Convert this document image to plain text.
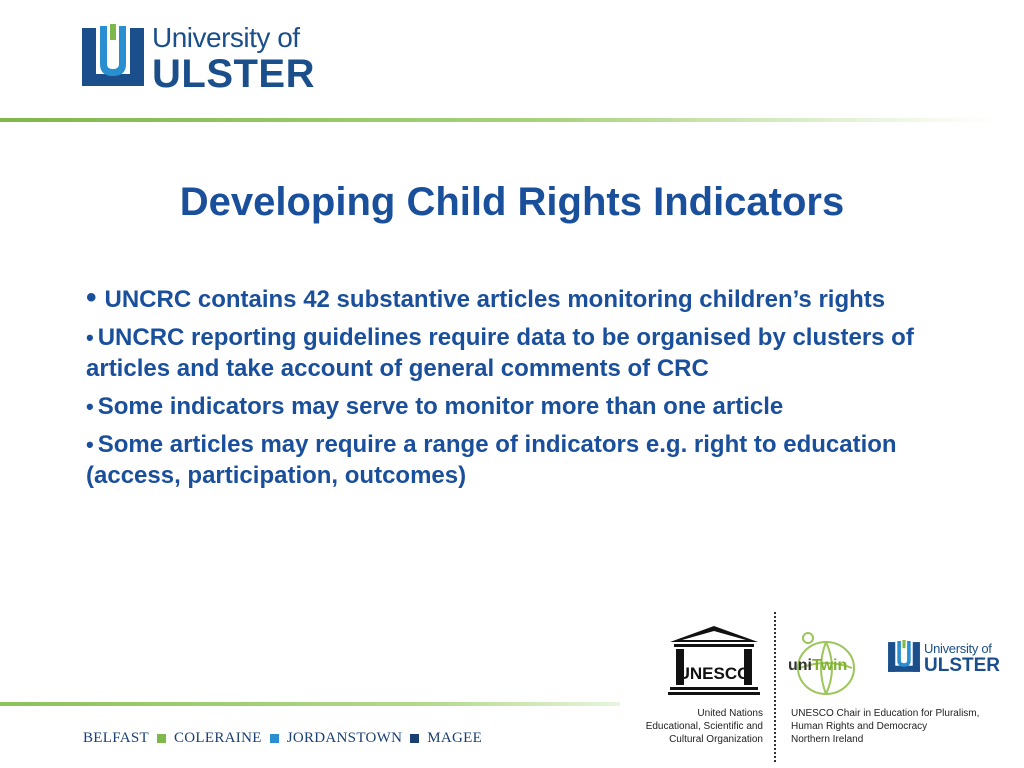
University of
ULSTER
Developing Child Rights Indicators
• UNCRC contains 42 substantive articles monitoring children’s rights
• UNCRC reporting guidelines require data to be organised by clusters of articles and take account of general comments of CRC
• Some indicators may serve to monitor more than one article
• Some articles may require a range of indicators e.g. right to education (access, participation, outcomes)
BELFAST COLERAINE JORDANSTOWN MAGEE
UNESCO
United Nations
Educational, Scientific and
Cultural Organization
uniTwin
University of
ULSTER
UNESCO Chair in Education for Pluralism,
Human Rights and Democracy
Northern Ireland
